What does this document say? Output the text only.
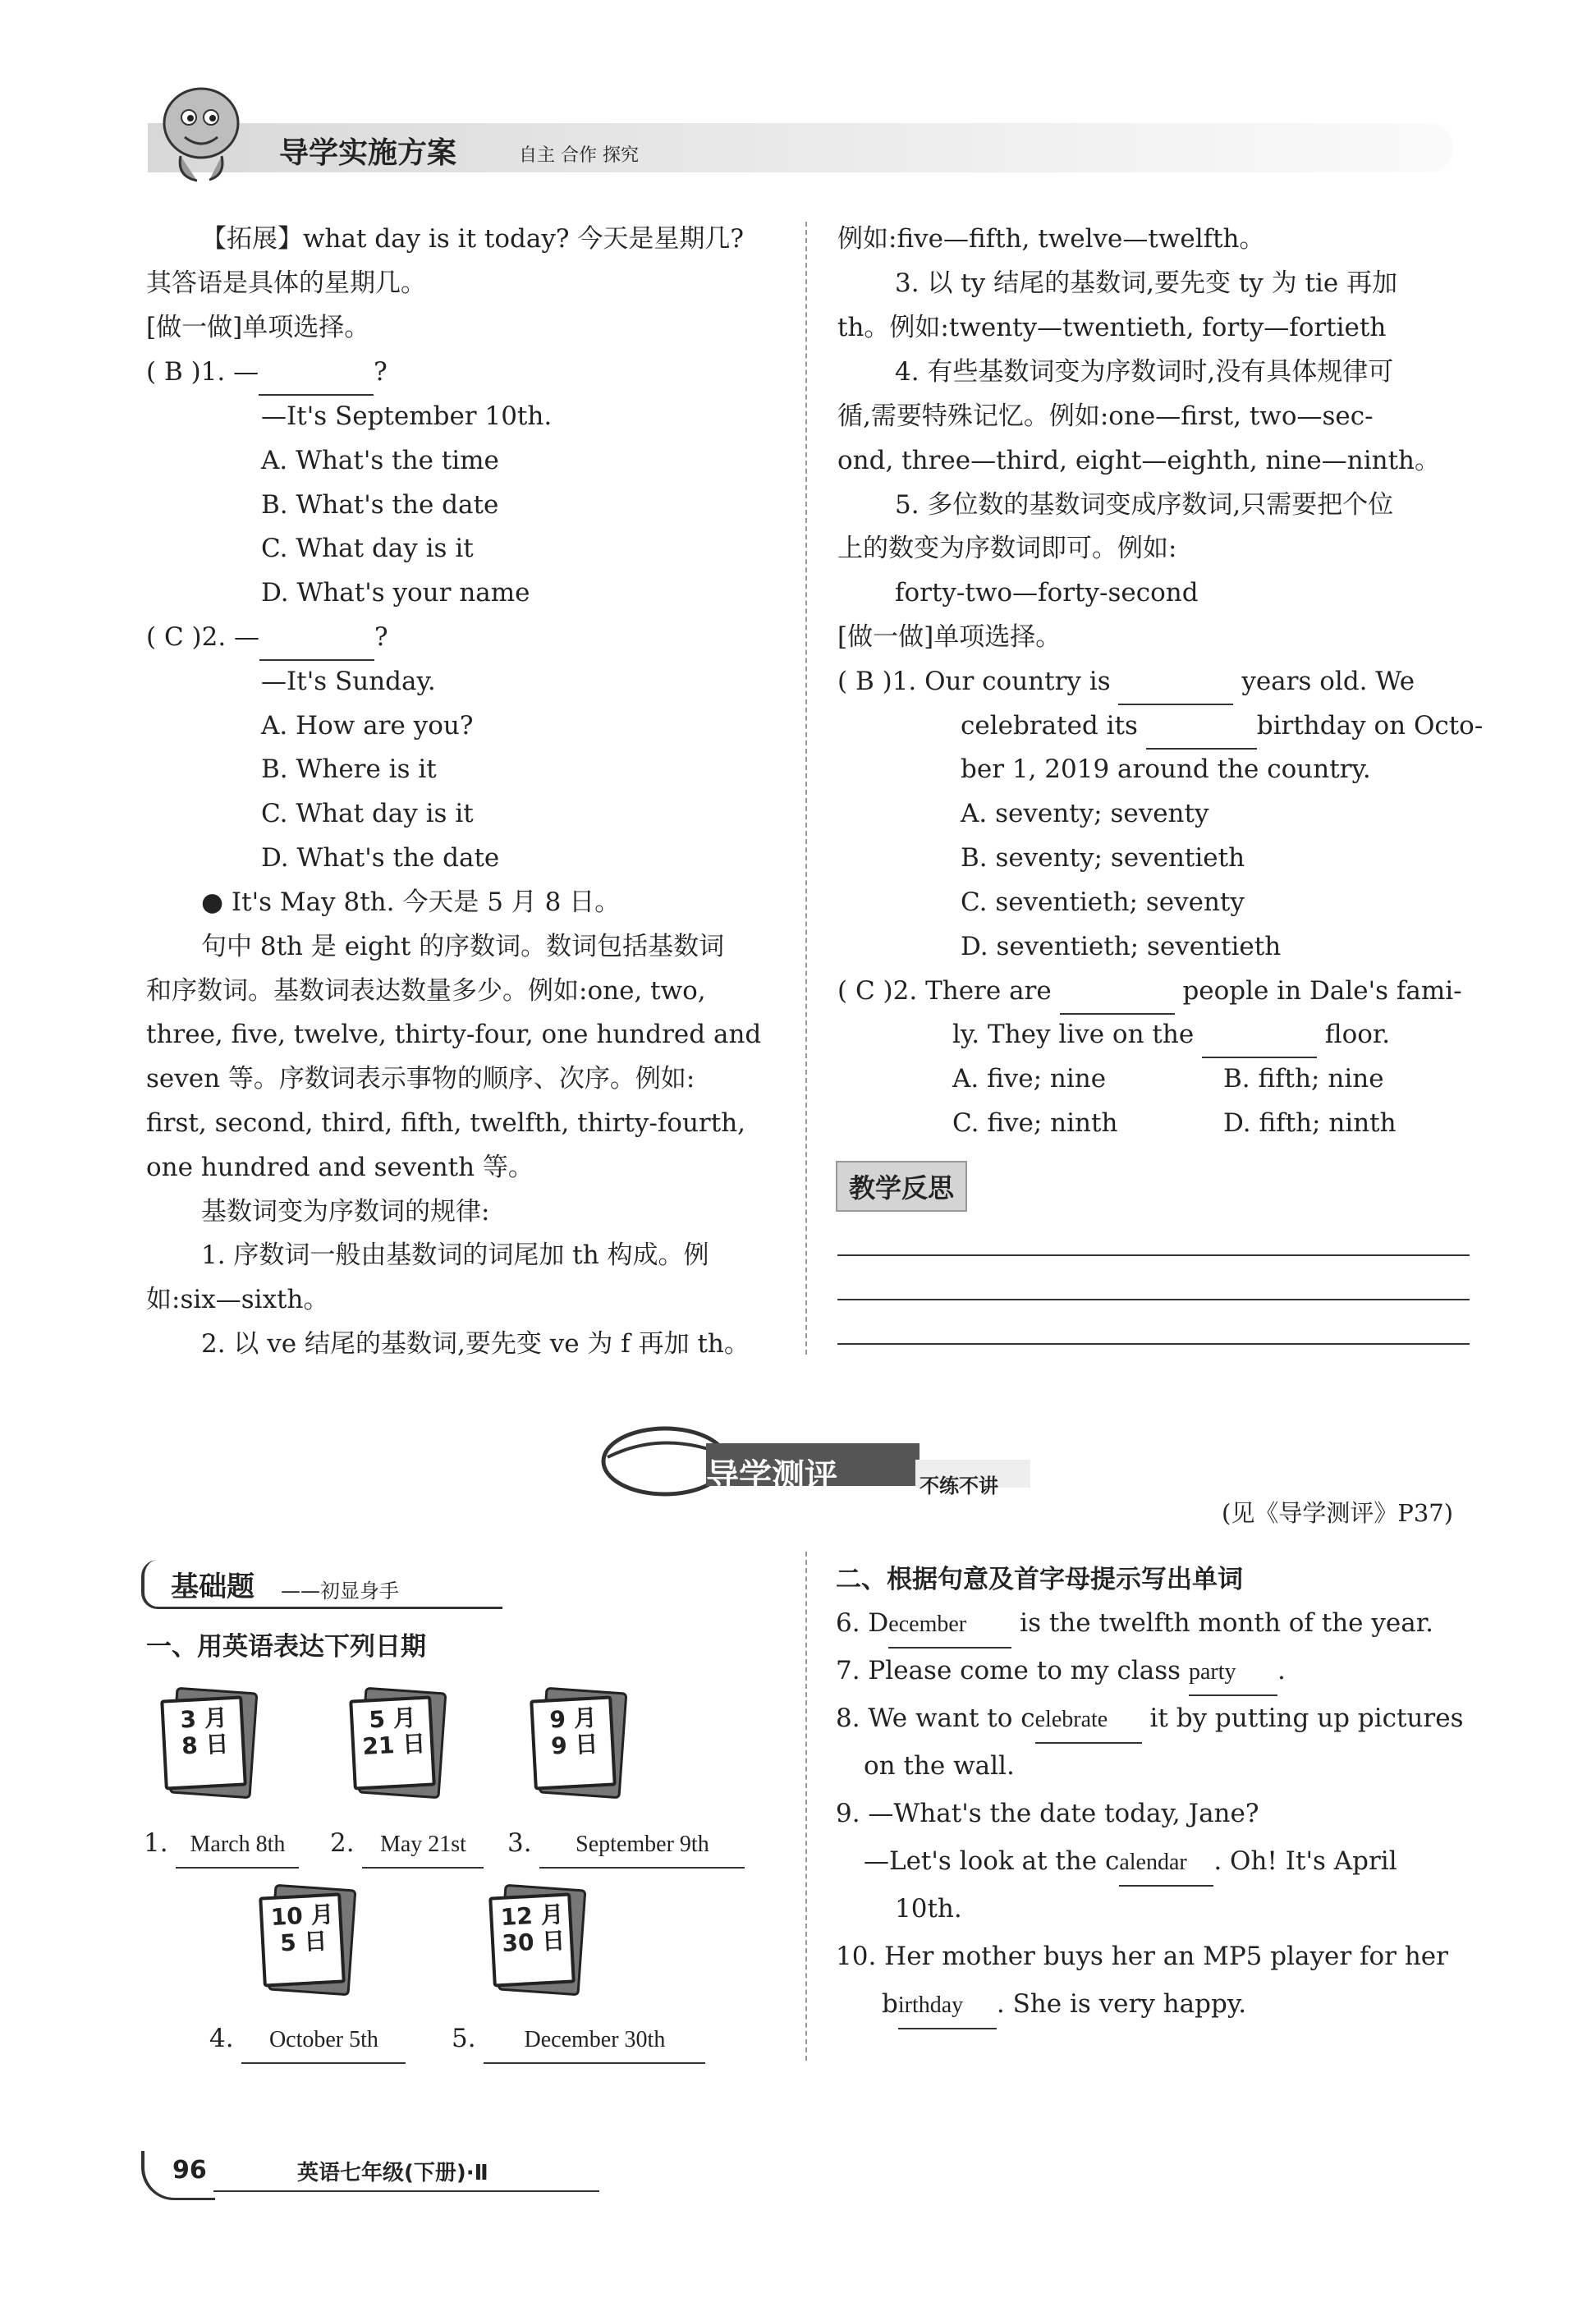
导学实施方案	自主 合作 探究
【拓展】what day is it today? 今天是星期几?
其答语是具体的星期几。
[做一做]单项选择。
( B )1. —	?
—It's September 10th.
A. What's the time
B. What's the date
C. What day is it
D. What's your name
( C )2. —	?
—It's Sunday.
A. How are you?
B. Where is it
C. What day is it
D. What's the date
● It's May 8th. 今天是 5 月 8 日。
句中 8th 是 eight 的序数词。数词包括基数词
和序数词。基数词表达数量多少。例如:one, two,
three, five, twelve, thirty-four, one hundred and
seven 等。序数词表示事物的顺序、次序。例如:
first, second, third, fifth, twelfth, thirty-fourth,
one hundred and seventh 等。
基数词变为序数词的规律:
1. 序数词一般由基数词的词尾加 th 构成。例
如:six—sixth。
2. 以 ve 结尾的基数词,要先变 ve 为 f 再加 th。
例如:five—fifth, twelve—twelfth。
3. 以 ty 结尾的基数词,要先变 ty 为 tie 再加
th。例如:twenty—twentieth, forty—fortieth
4. 有些基数词变为序数词时,没有具体规律可
循,需要特殊记忆。例如:one—first, two—sec-
ond, three—third, eight—eighth, nine—ninth。
5. 多位数的基数词变成序数词,只需要把个位
上的数变为序数词即可。例如:
forty-two—forty-second
[做一做]单项选择。
( B )1. Our country is	years old. We
celebrated its	birthday on Octo-
ber 1, 2019 around the country.
A. seventy; seventy
B. seventy; seventieth
C. seventieth; seventy
D. seventieth; seventieth
( C )2. There are	people in Dale's fami-
ly. They live on the	floor.
A. five; nine	B. fifth; nine
C. five; ninth	D. fifth; ninth
教学反思
导学测评	不练不讲
(见《导学测评》P37)
基础题 ——初显身手
一、用英语表达下列日期
3 月
8 日
5 月
21 日
9 月
9 日
1. March 8th	2. May 21st	3. September 9th
10 月
5 日
12 月
30 日
4. October 5th	5. December 30th
二、根据句意及首字母提示写出单词
6. December is the twelfth month of the year.
7. Please come to my class party .
8. We want to celebrate it by putting up pictures
on the wall.
9. —What's the date today, Jane?
—Let's look at the calendar . Oh! It's April
10th.
10. Her mother buys her an MP5 player for her
birthday . She is very happy.
96	英语七年级(下册)·Ⅱ
